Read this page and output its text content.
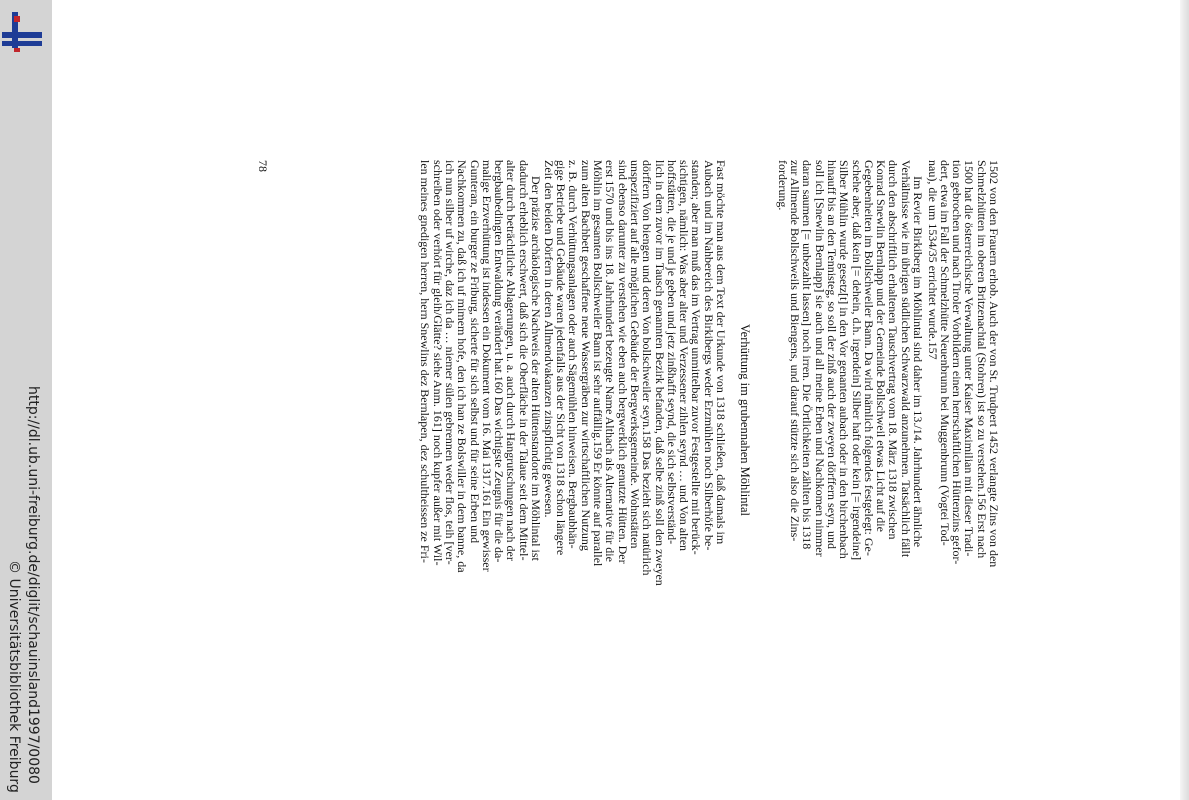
http://dl.ub.uni-freiburg.de/diglit/schauinsland1997/0080
© Universitätsbibliothek Freiburg

1502 von den Frauern erhob. Auch der von St. Trudpert 1452 verlangte Zins von den

Schmelzhütten im oberen Britzenachtal (Stohren) ist so zu verstehen.156 Erst nach

1500 hat die österreichische Verwaltung unter Kaiser Maximilian mit dieser Tradi-

tion gebrochen und nach Tiroler Vorbildern einen herrschaftlichen Hüttenzins gefor-

dert, etwa im Fall der Schmelzhütte Neuenbrunn bei Muggenbrunn (Vogtei Tod-

nau), die um 1534/35 errichtet wurde.157

Im Revier Birkiberg im Möhlintal sind daher im 13./14. Jahrhundert ähnliche

Verhältnisse wie im übrigen südlichen Schwarzwald anzunehmen. Tatsächlich fällt

durch den abschriftlich erhaltenen Tauschvertrag vom 18. März 1318 zwischen

Konrad Snewlin Bernlapp und der Gemeinde Bollschweil etwas Licht auf die

Gegebenheiten im Bollschweiler Bann. Da wird nämlich folgendes festgelegt: Ge-

schehe aber, daß kein [= dehein, d.h. irgendein] Silber haft oder kein [= irgendeine]

Silber Mühlin wurde gesetz[t] in den Vor genanten aubach oder in den birchenbach

hinauff bis an den Tennisteg, so soll der zinß auch der zweyen dörffern seyn, und

soll ich [Snewlin Bernlapp] sie auch und all meine Erben und Nachkomen nimmer

daran saumen [= unbezahlt lassen] noch irren. Die Örtlichkeiten zählten bis 1318

zur Allmende Bollschweils und Biengens, und darauf stützte sich also die Zins-

forderung.

Verhüttung im grubennahen Möhlintal

Fast möchte man aus dem Text der Urkunde von 1318 schließen, daß damals im

Aubach und im Nahbereich des Birkibergs weder Erzmühlen noch Silberhöfe be-

standen; aber man muß das im Vertrag unmittelbar zuvor Festgestellte mit berück-

sichtigen, nämlich: Was aber alter und Verzessener zihlen seynd … und Von alten

hoffstätten, die je und je geben und jetz zinßhafft seynd, die sich selbstverständ-

lich in dem zuvor im Tausch genannten Bezirk befanden, daß selbe zinß soll den zweyen

dörffern Von biengen und deren Von bollschweiler seyn.158 Das bezieht sich natürlich

unspezifiziert auf alle möglichen Gebäude der Bergwerksgemeinde. Wohnstätten

sind ebenso darunter zu verstehen wie eben auch bergwerklich genutzte Hütten. Der

erst 1570 und bis ins 18. Jahrhundert bezeugte Name Althach als Alternative für die

Möhlin im gesamten Bollschweiler Bann ist sehr auffällig.159 Er könnte auf parallel

zum alten Bachbett geschaffene neue Wassergräben zur wirtschaftlichen Nutzung

z. B. durch Verhüttungsanlagen oder auch Sägemühlen hinweisen. Bergbaubhän-

gige Betriebe und Gebäude waren jedenfalls aus der Sicht von 1318 schon längere

Zeit den beiden Dörfern in deren Allmendvakanzen zinspflichtig gewesen.

Der präzise archäologische Nachweis der alten Hüttenstandorte im Möhlintal ist

dadurch erheblich erschwert, daß sich die Oberfläche in der Talaue seit dem Mittel-

alter durch beträchtliche Ablagerungen, u. a. auch durch Hangrutschungen nach der

bergbaubedingten Entwaldung verändert hat.160 Das wichtigste Zeugnis für die da-

malige Erzverhüttung ist indessen ein Dokument vom 16. Mai 1317.161 Ein gewisser

Gunteran, ein burger ze Friburg, sicherte für sich selbst und für seine Erben und

Nachkommen zu, daß ich uf mimem hofe, den ich han ze Bolswiller in dem banne, da

ich nun silber uf wirche, daz ich da … niemer sülen gebrennen weder flos, teih [ver-

schreiben oder verhört für gleih/Glätte? siehe Anm. 161] noch kupfer außer mit Wil-

len meines gnedigen herren, hern Snewlins dez Bernlapen, dez schultheissen ze Fri-

78
